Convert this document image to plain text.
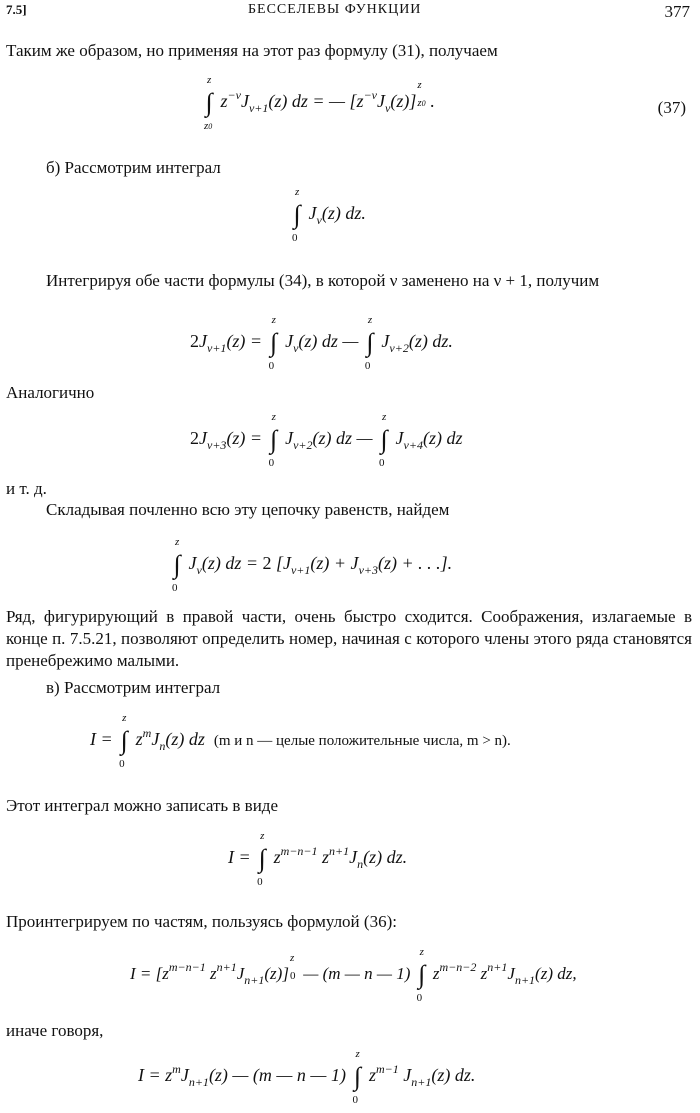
7.5]	БЕССЕЛЕВЫ ФУНКЦИИ	377
Таким же образом, но применяя на этот раз формулу (31), получаем
∫
z
z0
$z^{-\nu}J_{\nu+1}(z)$ dz = — $[z^{-\nu}J_\nu(z)]$
z
z0 .	(37)
б) Рассмотрим интеграл
∫
z
0
$J_\nu(z)$ dz.
Интегрируя обе части формулы (34), в которой ν заменено на ν + 1, получим
$2J_{\nu+1}(z)$ = ∫
z
0
$J_\nu(z)$ dz — ∫
z
0
$J_{\nu+2}(z)$ dz.
Аналогично
$2J_{\nu+3}(z)$ = ∫
z
0
$J_{\nu+2}(z)$ dz — ∫
z
0
$J_{\nu+4}(z)$ dz
и т. д.
Складывая почленно всю эту цепочку равенств, найдем
∫
z
0
$J_\nu(z)$ dz = 2 [$J_{\nu+1}(z) + J_{\nu+3}(z)$ + . . .].
Ряд, фигурирующий в правой части, очень быстро сходится. Соображения, излагаемые в конце п. 7.5.21, позволяют определить номер, начиная с которого члены этого ряда становятся пренебрежимо малыми.
в) Рассмотрим интеграл
I = ∫
z
0
$z^mJ_n(z)$ dz  (m и n — целые положительные числа, m > n).
Этот интеграл можно записать в виде
I = ∫
z
0
$z^{m-n-1}$ $z^{n+1}J_n(z)$ dz.
Проинтегрируем по частям, пользуясь формулой (36):
$I = [z^{m-n-1}$ $z^{n+1}J_{n+1}(z)$]
z
0 — (m — n — 1) ∫
z
0
$z^{m-n-2}$ $z^{n+1}J_{n+1}(z)$ dz,
иначе говоря,
$I = z^mJ_{n+1}(z)$ — (m — n — 1) ∫
z
0
$z^{m-1}$ $J_{n+1}(z)$ dz.
